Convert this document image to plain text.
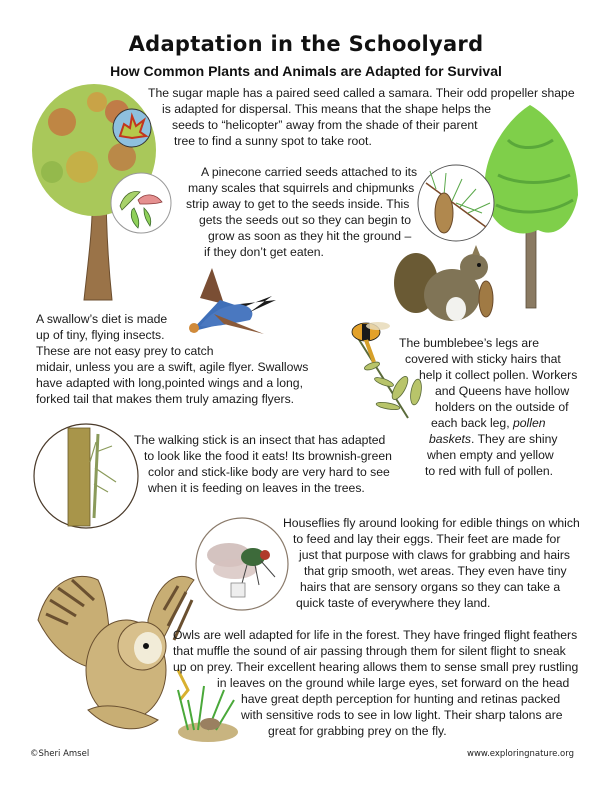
Adaptation in the Schoolyard
How Common Plants and Animals are Adapted for Survival
The sugar maple has a paired seed called a samara. Their odd propeller shape
is adapted for dispersal. This means that the shape helps the
seeds to “helicopter” away from the shade of their parent
tree to find a sunny spot to take root.
A pinecone carried seeds attached to its
many scales that squirrels and chipmunks
strip away to get to the seeds inside. This
gets the seeds out so they can begin to
grow as soon as they hit the ground –
if they don’t get eaten.
A swallow’s diet is made
up of tiny, flying insects.
These are not easy prey to catch
midair, unless you are a swift, agile flyer. Swallows
have adapted with long,pointed wings and a long,
forked tail that makes them truly amazing flyers.
The bumblebee’s legs are
covered with sticky hairs that
help it collect pollen. Workers
and Queens have hollow
holders on the outside of
each back leg, pollen
baskets. They are shiny
when empty and yellow
to red with full of pollen.
The walking stick is an insect that has adapted
to look like the food it eats! Its brownish-green
color and stick-like body are very hard to see
when it is feeding on leaves in the trees.
Houseflies fly around looking for edible things on which
to feed and lay their eggs. Their feet are made for
just that purpose with claws for grabbing and hairs
that grip smooth, wet areas. They even have tiny
hairs that are sensory organs so they can take a
quick taste of everywhere they land.
Owls are well adapted for life in the forest. They have fringed flight feathers
that muffle the sound of air passing through them for silent flight to sneak
up on prey. Their excellent hearing allows them to sense small prey rustling
in leaves on the ground while large eyes, set forward on the head
have great depth perception for hunting and retinas packed
with sensitive rods to see in low light. Their sharp talons are
great for grabbing prey on the fly.
©Sheri Amsel	www.exploringnature.org
